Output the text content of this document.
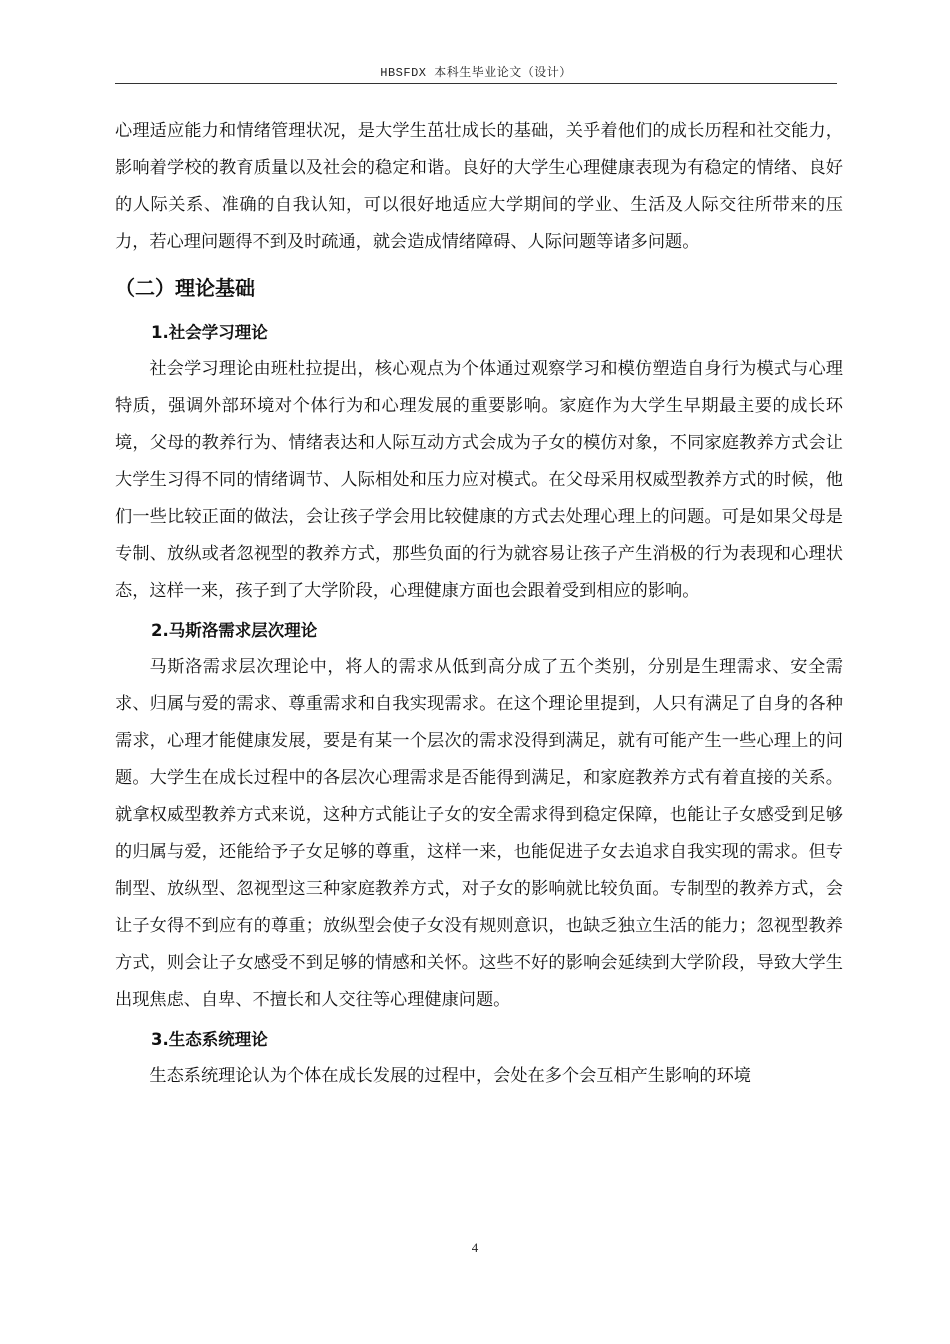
HBSFDX 本科生毕业论文（设计）

心理适应能力和情绪管理状况，是大学生茁壮成长的基础，关乎着他们的成长历程和社交能力，影响着学校的教育质量以及社会的稳定和谐。良好的大学生心理健康表现为有稳定的情绪、良好的人际关系、准确的自我认知，可以很好地适应大学期间的学业、生活及人际交往所带来的压力，若心理问题得不到及时疏通，就会造成情绪障碍、人际问题等诸多问题。

（二）理论基础
1.社会学习理论

社会学习理论由班杜拉提出，核心观点为个体通过观察学习和模仿塑造自身行为模式与心理特质，强调外部环境对个体行为和心理发展的重要影响。家庭作为大学生早期最主要的成长环境，父母的教养行为、情绪表达和人际互动方式会成为子女的模仿对象，不同家庭教养方式会让大学生习得不同的情绪调节、人际相处和压力应对模式。在父母采用权威型教养方式的时候，他们一些比较正面的做法，会让孩子学会用比较健康的方式去处理心理上的问题。可是如果父母是专制、放纵或者忽视型的教养方式，那些负面的行为就容易让孩子产生消极的行为表现和心理状态，这样一来，孩子到了大学阶段，心理健康方面也会跟着受到相应的影响。

2.马斯洛需求层次理论

马斯洛需求层次理论中，将人的需求从低到高分成了五个类别，分别是生理需求、安全需求、归属与爱的需求、尊重需求和自我实现需求。在这个理论里提到，人只有满足了自身的各种需求，心理才能健康发展，要是有某一个层次的需求没得到满足，就有可能产生一些心理上的问题。大学生在成长过程中的各层次心理需求是否能得到满足，和家庭教养方式有着直接的关系。就拿权威型教养方式来说，这种方式能让子女的安全需求得到稳定保障，也能让子女感受到足够的归属与爱，还能给予子女足够的尊重，这样一来，也能促进子女去追求自我实现的需求。但专制型、放纵型、忽视型这三种家庭教养方式，对子女的影响就比较负面。专制型的教养方式，会让子女得不到应有的尊重；放纵型会使子女没有规则意识，也缺乏独立生活的能力；忽视型教养方式，则会让子女感受不到足够的情感和关怀。这些不好的影响会延续到大学阶段，导致大学生出现焦虑、自卑、不擅长和人交往等心理健康问题。

3.生态系统理论

生态系统理论认为个体在成长发展的过程中，会处在多个会互相产生影响的环境

4
